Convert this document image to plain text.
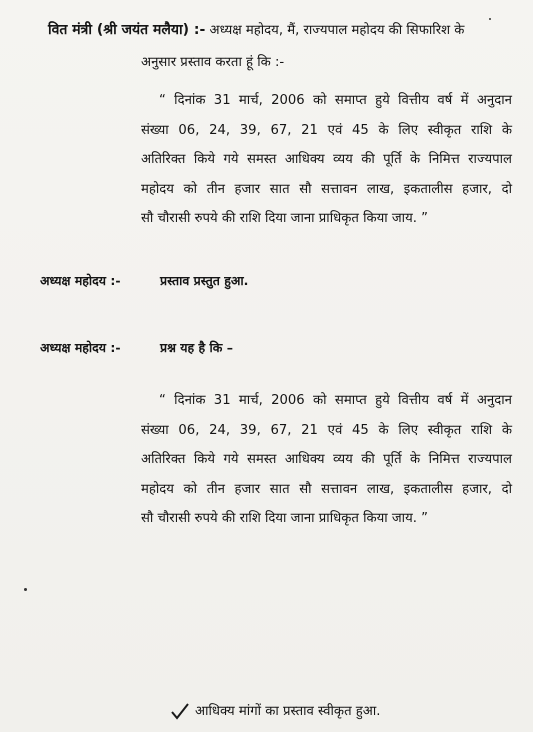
वित मंत्री (श्री जयंत मलैया) :- अध्यक्ष महोदय, मैं, राज्यपाल महोदय की सिफारिश के
अनुसार प्रस्ताव करता हूं कि :-
“ दिनांक 31 मार्च, 2006 को समाप्त हुये वित्तीय वर्ष में अनुदान
संख्या 06, 24, 39, 67, 21 एवं 45 के लिए स्वीकृत राशि के
अतिरिक्त किये गये समस्त आधिक्य व्यय की पूर्ति के निमित्त राज्यपाल
महोदय को तीन हजार सात सौ सत्तावन लाख, इकतालीस हजार, दो
सौ चौरासी रुपये की राशि दिया जाना प्राधिकृत किया जाय. ”
अध्यक्ष महोदय :-	प्रस्ताव प्रस्तुत हुआ.
अध्यक्ष महोदय :-	प्रश्न यह है कि –
“ दिनांक 31 मार्च, 2006 को समाप्त हुये वित्तीय वर्ष में अनुदान
संख्या 06, 24, 39, 67, 21 एवं 45 के लिए स्वीकृत राशि के
अतिरिक्त किये गये समस्त आधिक्य व्यय की पूर्ति के निमित्त राज्यपाल
महोदय को तीन हजार सात सौ सत्तावन लाख, इकतालीस हजार, दो
सौ चौरासी रुपये की राशि दिया जाना प्राधिकृत किया जाय. ”
आधिक्य मांगों का प्रस्ताव स्वीकृत हुआ.
